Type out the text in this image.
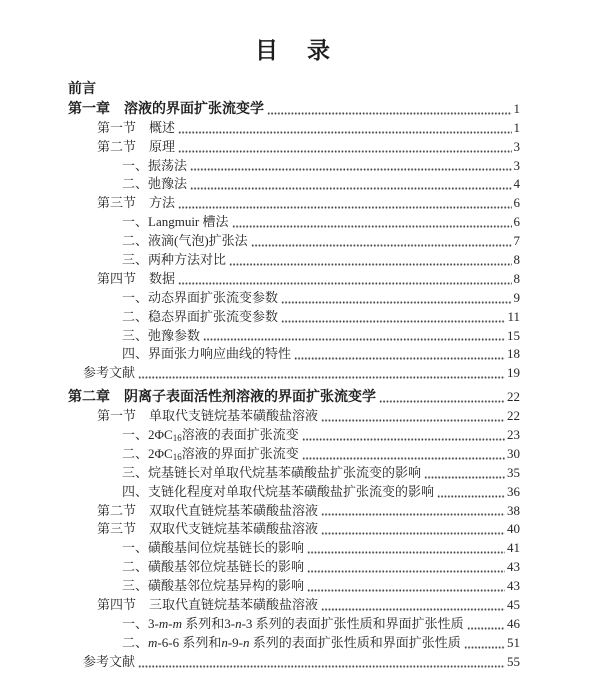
目　录
前言
第一章　溶液的界面扩张流变学	1
第一节　概述	1
第二节　原理	3
一、振荡法	3
二、弛豫法	4
第三节　方法	6
一、Langmuir 槽法	6
二、液滴(气泡)扩张法	7
三、两种方法对比	8
第四节　数据	8
一、动态界面扩张流变参数	9
二、稳态界面扩张流变参数	11
三、弛豫参数	15
四、界面张力响应曲线的特性	18
参考文献	19
第二章　阴离子表面活性剂溶液的界面扩张流变学	22
第一节　单取代支链烷基苯磺酸盐溶液	22
一、$2\Phi C_{16}$溶液的表面扩张流变	23
二、$2\Phi C_{16}$溶液的界面扩张流变	30
三、烷基链长对单取代烷基苯磺酸盐扩张流变的影响	35
四、支链化程度对单取代烷基苯磺酸盐扩张流变的影响	36
第二节　双取代直链烷基苯磺酸盐溶液	38
第三节　双取代支链烷基苯磺酸盐溶液	40
一、磺酸基间位烷基链长的影响	41
二、磺酸基邻位烷基链长的影响	43
三、磺酸基邻位烷基异构的影响	43
第四节　三取代直链烷基苯磺酸盐溶液	45
一、3-m-m 系列和3-n-3 系列的表面扩张性质和界面扩张性质	46
二、m-6-6 系列和n-9-n 系列的表面扩张性质和界面扩张性质	51
参考文献	55
